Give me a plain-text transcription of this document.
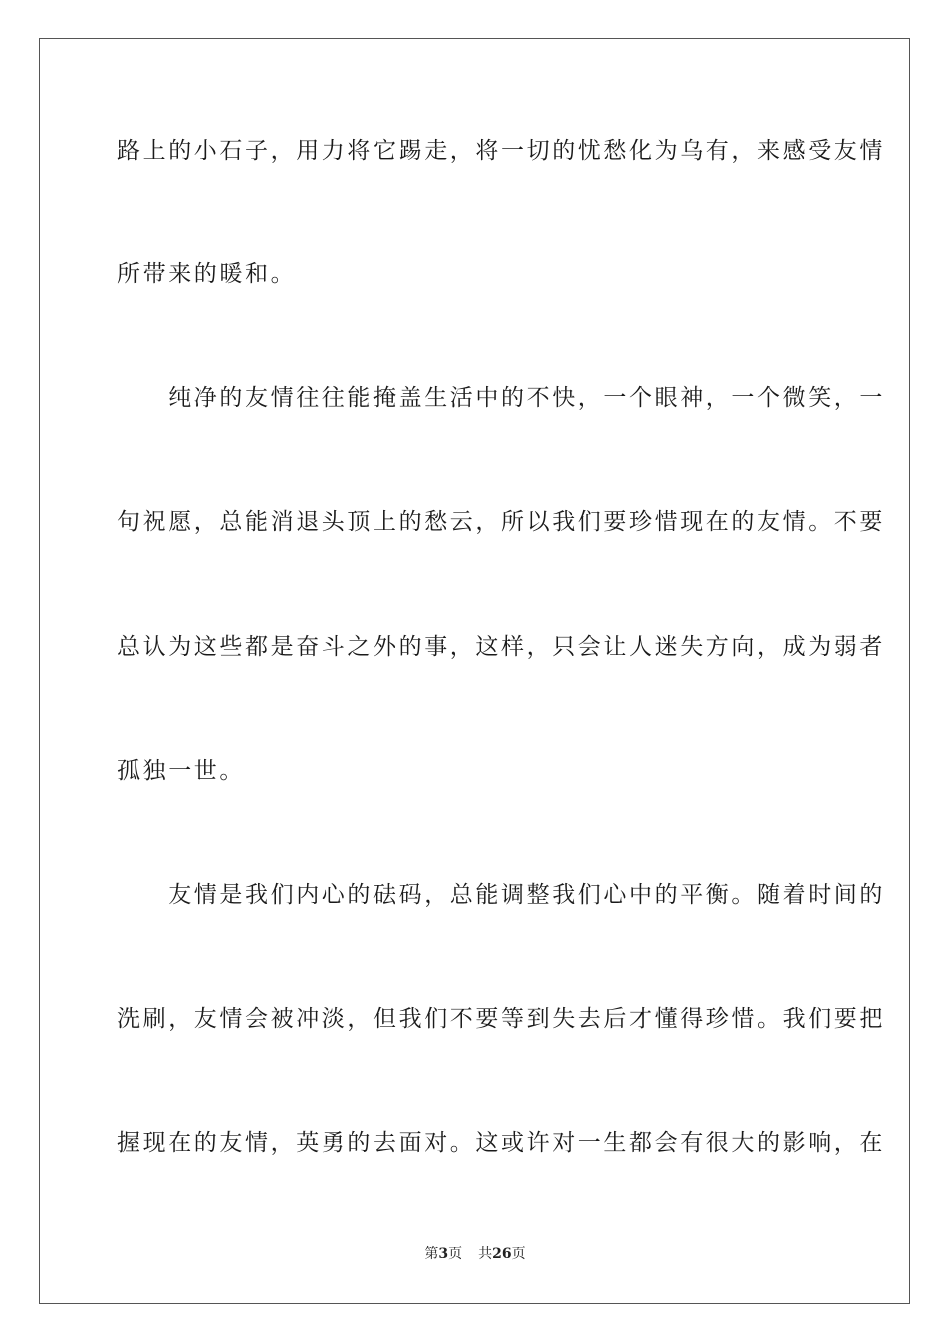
路上的小石子，用力将它踢走，将一切的忧愁化为乌有，来感受友情
所带来的暖和。
　　纯净的友情往往能掩盖生活中的不快，一个眼神，一个微笑，一
句祝愿，总能消退头顶上的愁云，所以我们要珍惜现在的友情。不要
总认为这些都是奋斗之外的事，这样，只会让人迷失方向，成为弱者
孤独一世。
　　友情是我们内心的砝码，总能调整我们心中的平衡。随着时间的
洗刷，友情会被冲淡，但我们不要等到失去后才懂得珍惜。我们要把
握现在的友情，英勇的去面对。这或许对一生都会有很大的影响，在
第3页 共26页
